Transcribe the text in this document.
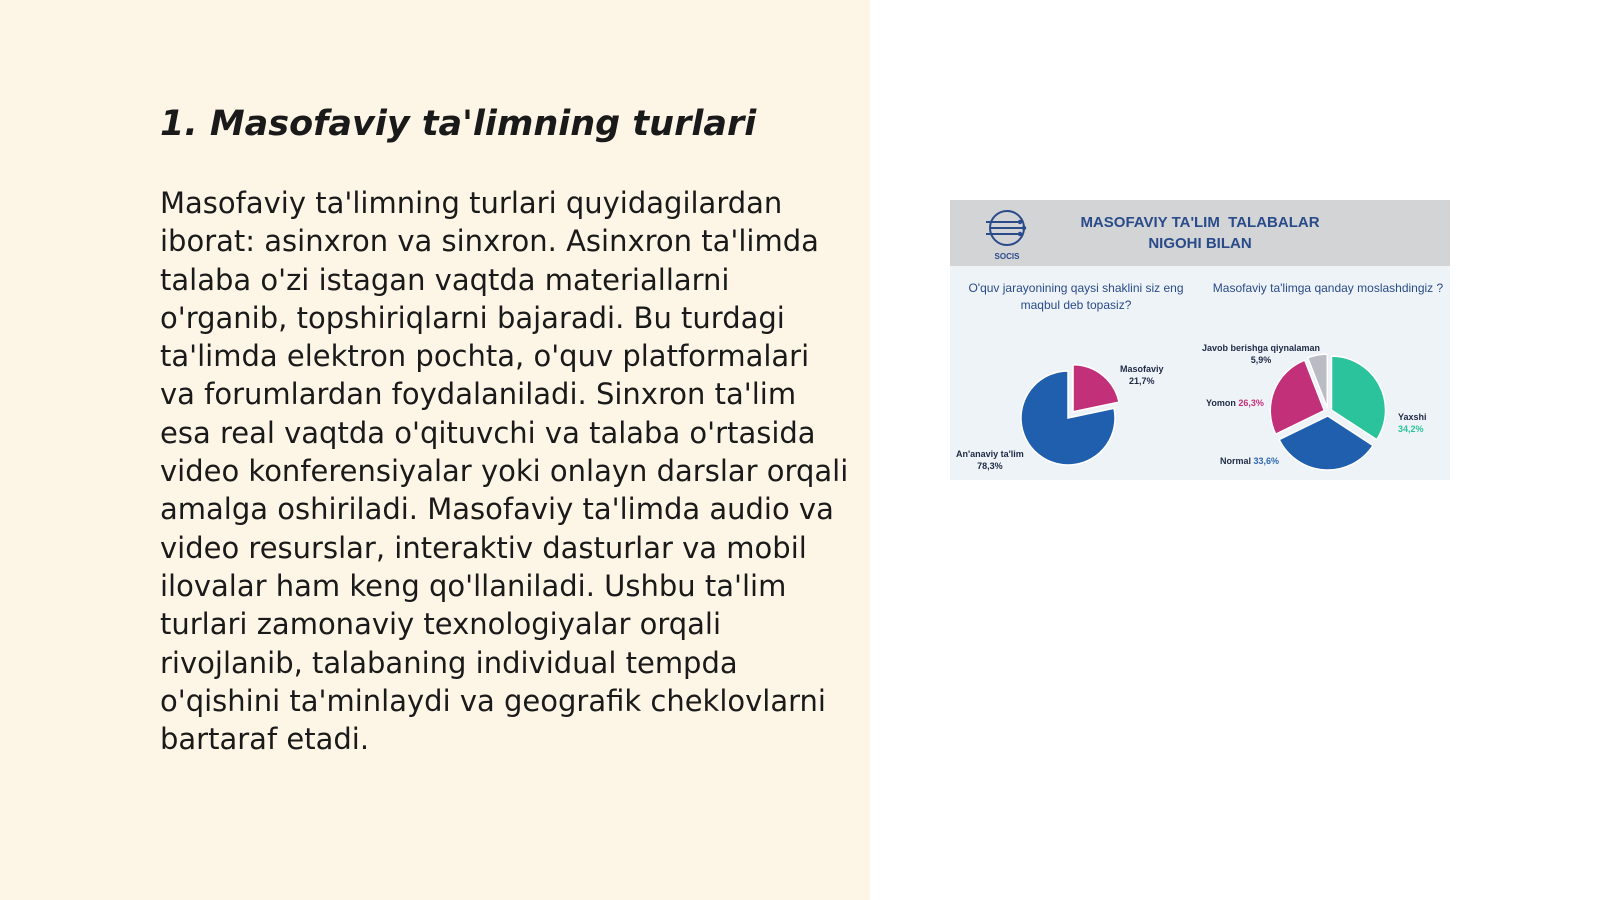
1. Masofaviy ta'limning turlari

Masofaviy ta'limning turlari quyidagilardan iborat: asinxron va sinxron. Asinxron ta'limda talaba o'zi istagan vaqtda materiallarni o'rganib, topshiriqlarni bajaradi. Bu turdagi ta'limda elektron pochta, o'quv platformalari va forumlardan foydalaniladi. Sinxron ta'lim esa real vaqtda o'qituvchi va talaba o'rtasida video konferensiyalar yoki onlayn darslar orqali amalga oshiriladi. Masofaviy ta'limda audio va video resurslar, interaktiv dasturlar va mobil ilovalar ham keng qo'llaniladi. Ushbu ta'lim turlari zamonaviy texnologiyalar orqali rivojlanib, talabaning individual tempda o'qishini ta'minlaydi va geografik cheklovlarni bartaraf etadi.

SOCIS
MASOFAVIY TA'LIM  TALABALAR
NIGOHI BILAN
O'quv jarayonining qaysi shaklini siz eng maqbul deb topasiz?
Masofaviy ta'limga qanday moslashdingiz ?
Masofaviy
21,7%
An'anaviy ta'lim
78,3%
Javob berishga qiynalaman
5,9%
Yomon 26,3%
Yaxshi
34,2%
Normal 33,6%
